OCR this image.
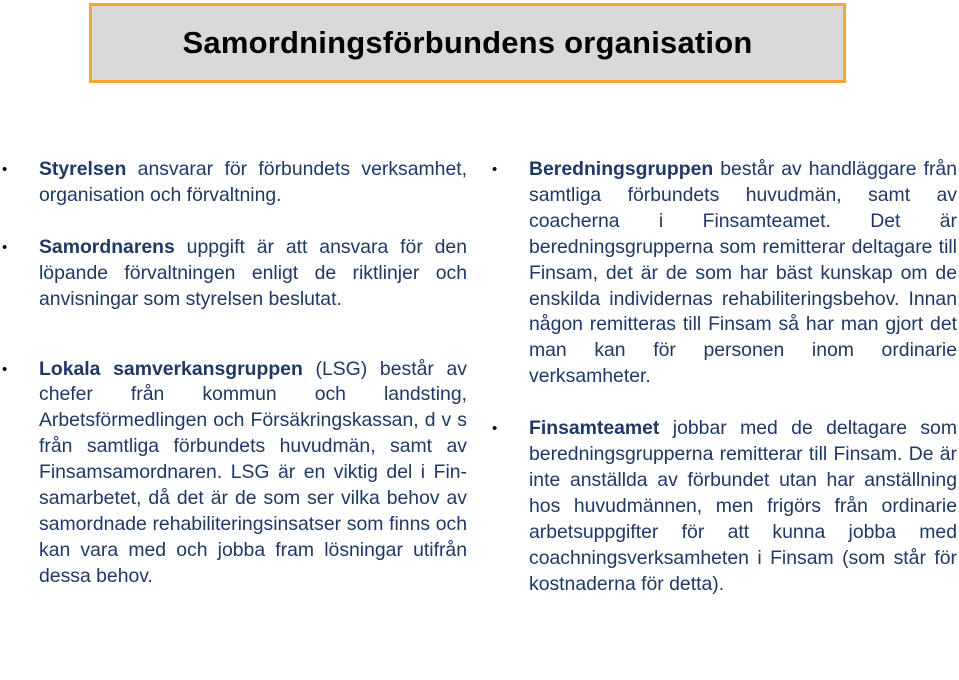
Samordningsförbundens organisation

• Styrelsen ansvarar för förbundets verksamhet, organisation och förvaltning.

• Samordnarens uppgift är att ansvara för den löpande förvaltningen enligt de riktlinjer och anvisningar som styrelsen beslutat.

• Lokala samverkansgruppen (LSG) består av chefer från kommun och landsting, Arbetsförmedlingen och Försäkringskassan, d v s från samtliga förbundets huvudmän, samt av Finsamsamordnaren. LSG är en viktig del i Finsamarbetet, då det är de som ser vilka behov av samordnade rehabiliteringsinsatser som finns och kan vara med och jobba fram lösningar utifrån dessa behov.

• Beredningsgruppen består av handläggare från samtliga förbundets huvudmän, samt av coacherna i Finsamteamet. Det är beredningsgrupperna som remitterar deltagare till Finsam, det är de som har bäst kunskap om de enskilda individernas rehabiliteringsbehov. Innan någon remitteras till Finsam så har man gjort det man kan för personen inom ordinarie verksamheter.

• Finsamteamet jobbar med de deltagare som beredningsgrupperna remitterar till Finsam. De är inte anställda av förbundet utan har anställning hos huvudmännen, men frigörs från ordinarie arbetsuppgifter för att kunna jobba med coachningsverksamheten i Finsam (som står för kostnaderna för detta).
